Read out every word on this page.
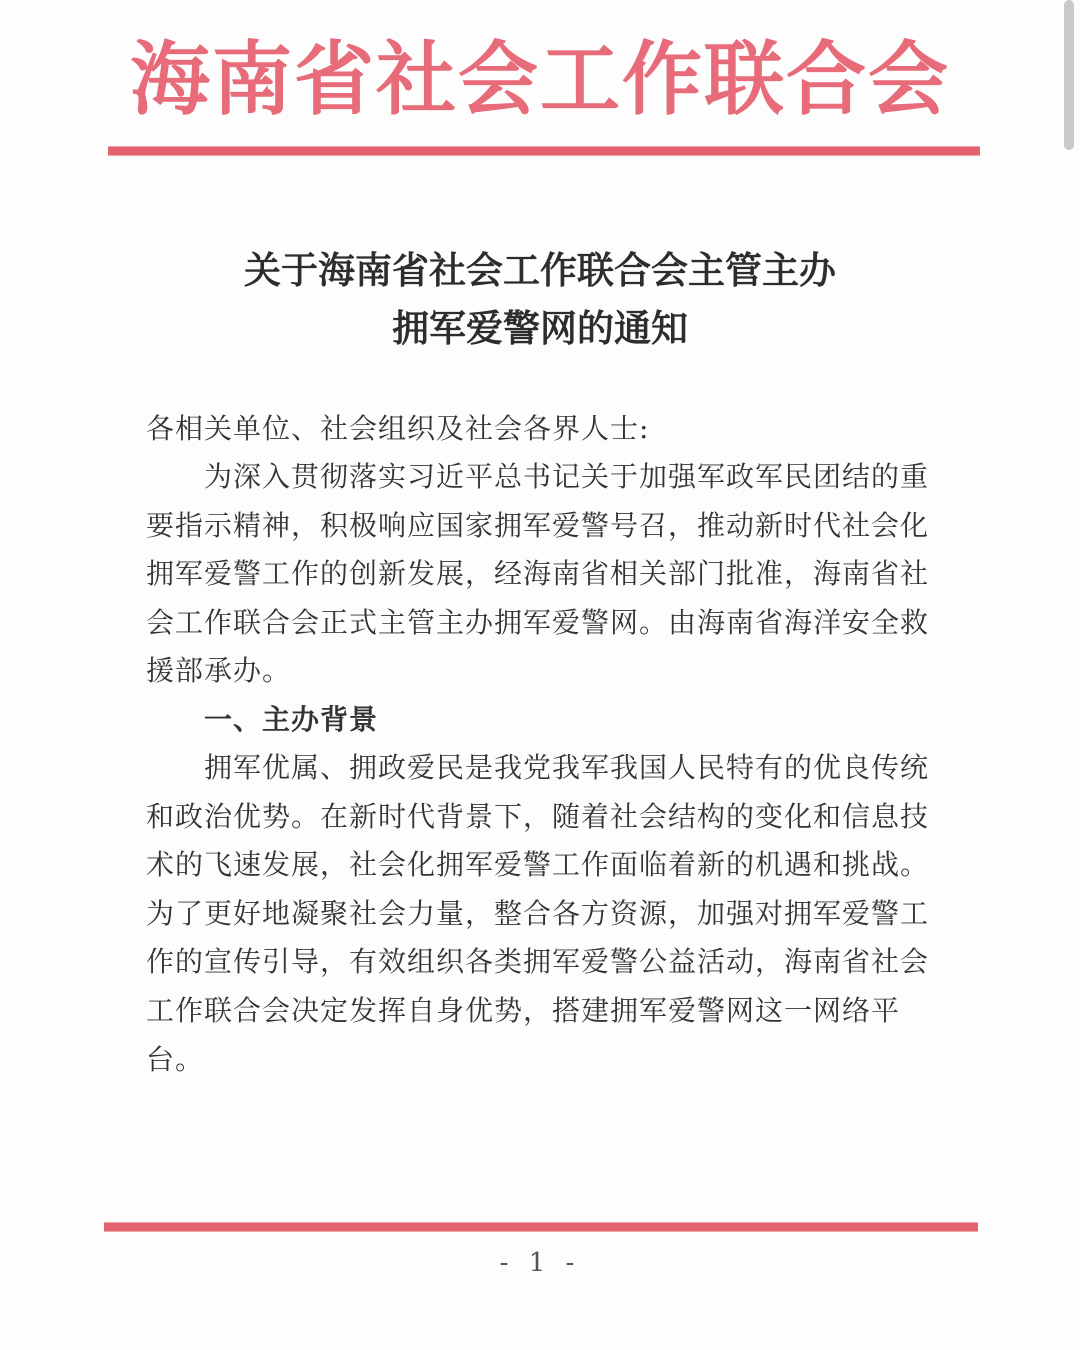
海南省社会工作联合会
关于海南省社会工作联合会主管主办
拥军爱警网的通知
各相关单位、社会组织及社会各界人士:
为深入贯彻落实习近平总书记关于加强军政军民团结的重要指示精神，积极响应国家拥军爱警号召，推动新时代社会化拥军爱警工作的创新发展，经海南省相关部门批准，海南省社会工作联合会正式主管主办拥军爱警网。由海南省海洋安全救援部承办。
一、主办背景
拥军优属、拥政爱民是我党我军我国人民特有的优良传统和政治优势。在新时代背景下，随着社会结构的变化和信息技术的飞速发展，社会化拥军爱警工作面临着新的机遇和挑战。为了更好地凝聚社会力量，整合各方资源，加强对拥军爱警工作的宣传引导，有效组织各类拥军爱警公益活动，海南省社会工作联合会决定发挥自身优势，搭建拥军爱警网这一网络平台。
- 1 -
